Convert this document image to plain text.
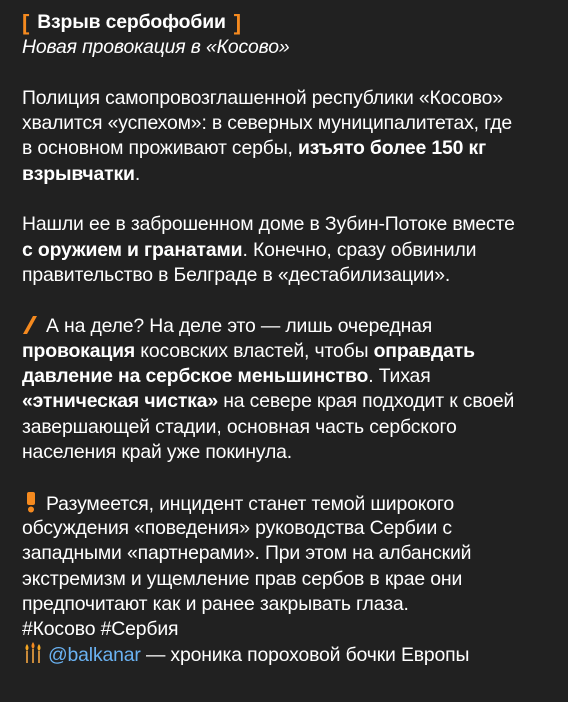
[ Взрыв сербофобии ]
Новая провокация в «Косово»
Полиция самопровозглашенной республики «Косово»
хвалится «успехом»: в северных муниципалитетах, где
в основном проживают сербы, изъято более 150 кг
взрывчатки.
Нашли ее в заброшенном доме в Зубин-Потоке вместе
с оружием и гранатами. Конечно, сразу обвинили
правительство в Белграде в «дестабилизации».
А на деле? На деле это — лишь очередная
провокация косовских властей, чтобы оправдать
давление на сербское меньшинство. Тихая
«этническая чистка» на севере края подходит к своей
завершающей стадии, основная часть сербского
населения край уже покинула.
Разумеется, инцидент станет темой широкого
обсуждения «поведения» руководства Сербии с
западными «партнерами». При этом на албанский
экстремизм и ущемление прав сербов в крае они
предпочитают как и ранее закрывать глаза.
#Косово #Сербия
@balkanar — хроника пороховой бочки Европы
